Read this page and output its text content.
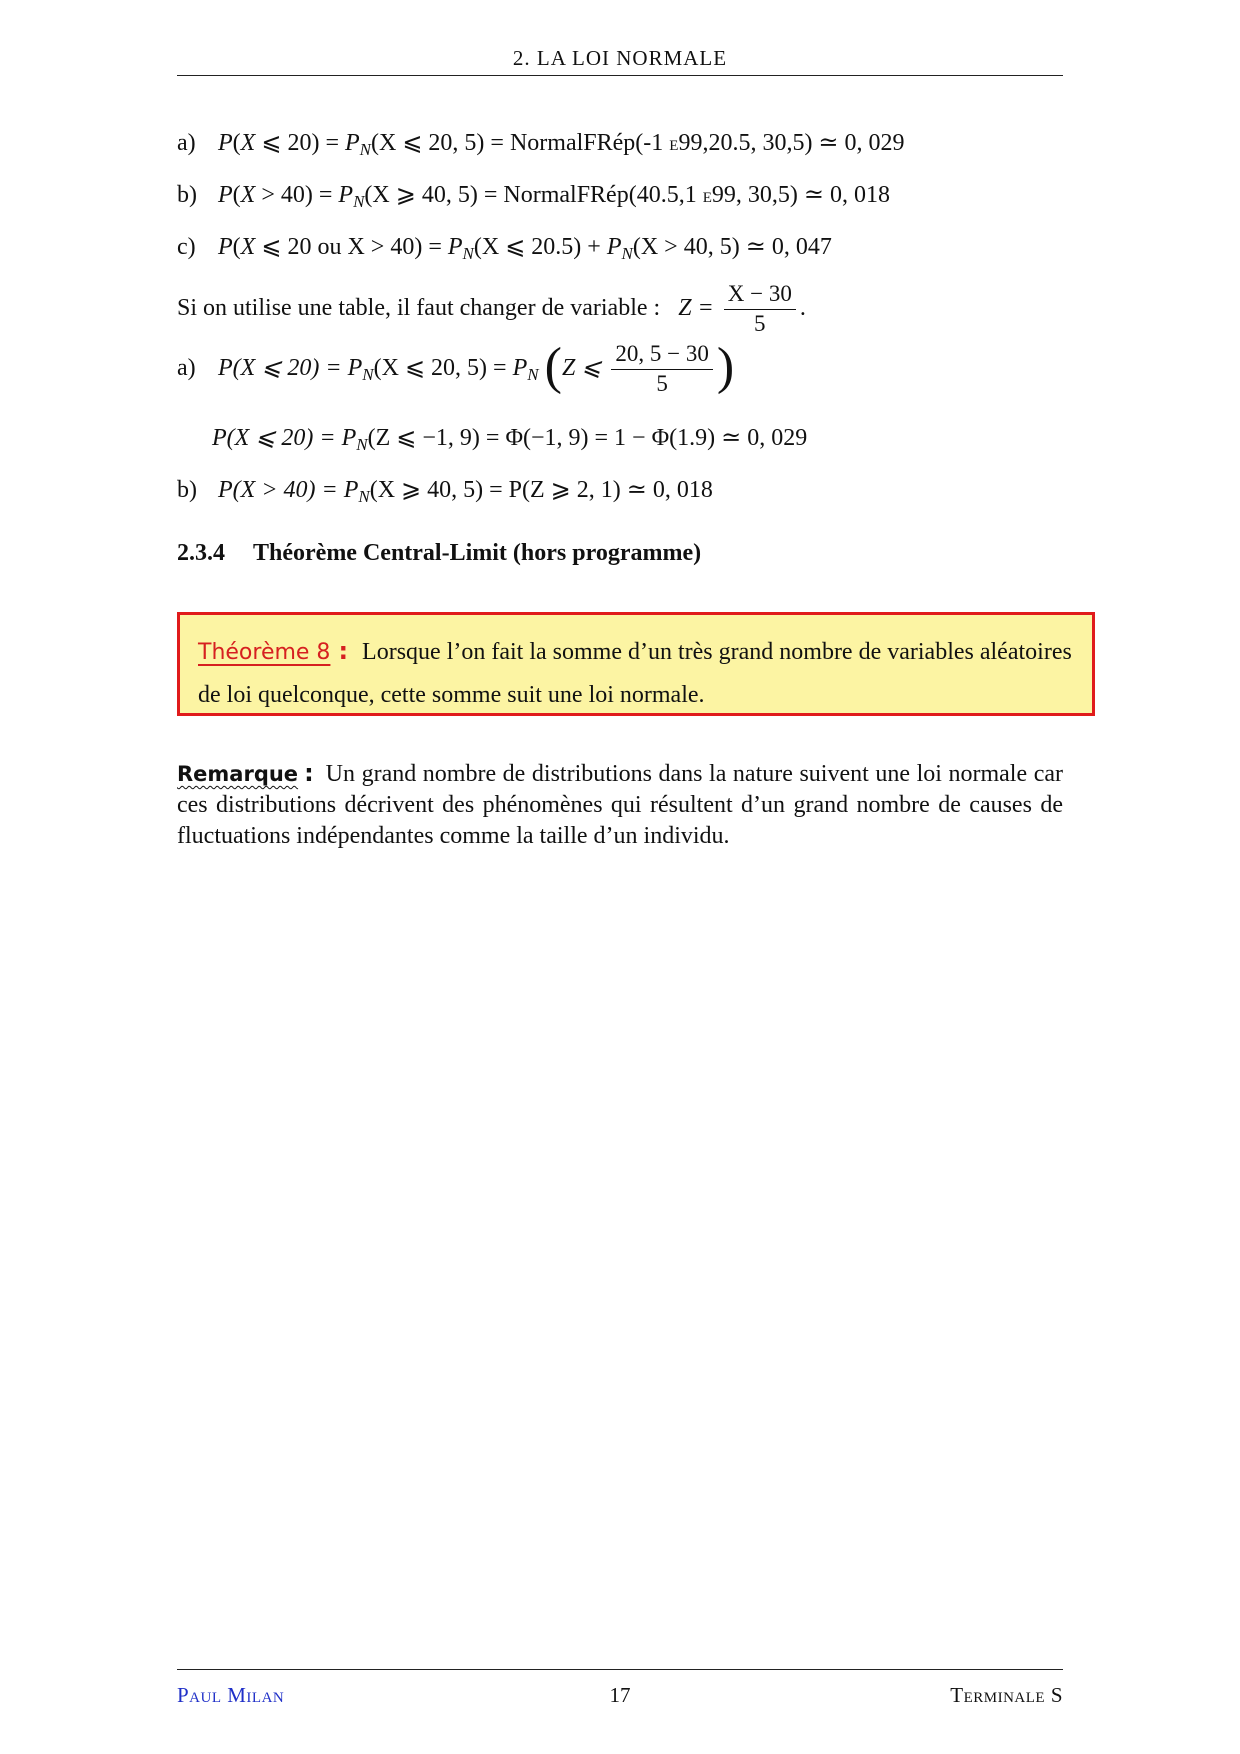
2. LA LOI NORMALE
a) P(X ⩽ $20) = P_N(X$ ⩽ 20, 5) = NormalFRép(-1 E99,20.5, 30,5) ≃ 0, 029
b) $P(X > 40) = P_N(X$ ⩾ 40, 5) = NormalFRép(40.5,1 E99, 30,5) ≃ 0, 018
c) P(X ⩽ 20 ou $X > 40) = P_N(X$ ⩽ $20.5) + P_N(X > 40$, 5) ≃ 0, 047
Si on utilise une table, il faut changer de variable : $Z = \frac{X - 30}{5}$ .
a) P(X ⩽ $20) = P_N(X$ ⩽ 20, $5) = P_N$ (Z ⩽ $\frac{20, 5 - 30}{5}$ )
P(X ⩽ $20) = P_N(Z$ ⩽ −1, 9) = Φ(−1, 9) = 1 − Φ(1.9) ≃ 0, 029
b) $P(X > 40) = P_N(X$ ⩾ 40, 5) = P(Z ⩾ 2, 1) ≃ 0, 018
2.3.4 Théorème Central-Limit (hors programme)
Théorème 8 : Lorsque l’on fait la somme d’un très grand nombre de variables aléatoires de loi quelconque, cette somme suit une loi normale.
Remarque : Un grand nombre de distributions dans la nature suivent une loi normale car ces distributions décrivent des phénomènes qui résultent d’un grand nombre de causes de fluctuations indépendantes comme la taille d’un individu.
Paul Milan	17	Terminale S
